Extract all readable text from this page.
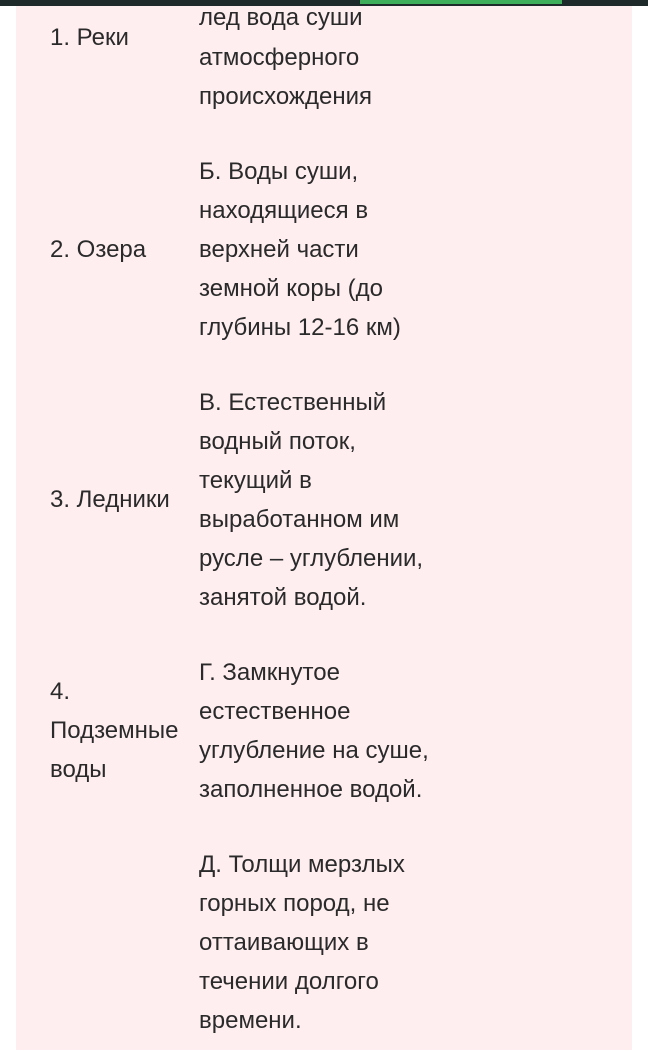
1. Реки
2. Озера
3. Ледники
4.
Подземные
воды
лед вода суши
атмосферного
происхождения
Б. Воды суши,
находящиеся в
верхней части
земной коры (до
глубины 12-16 км)
В. Естественный
водный поток,
текущий в
выработанном им
русле – углублении,
занятой водой.
Г. Замкнутое
естественное
углубление на суше,
заполненное водой.
Д. Толщи мерзлых
горных пород, не
оттаивающих в
течении долгого
времени.
